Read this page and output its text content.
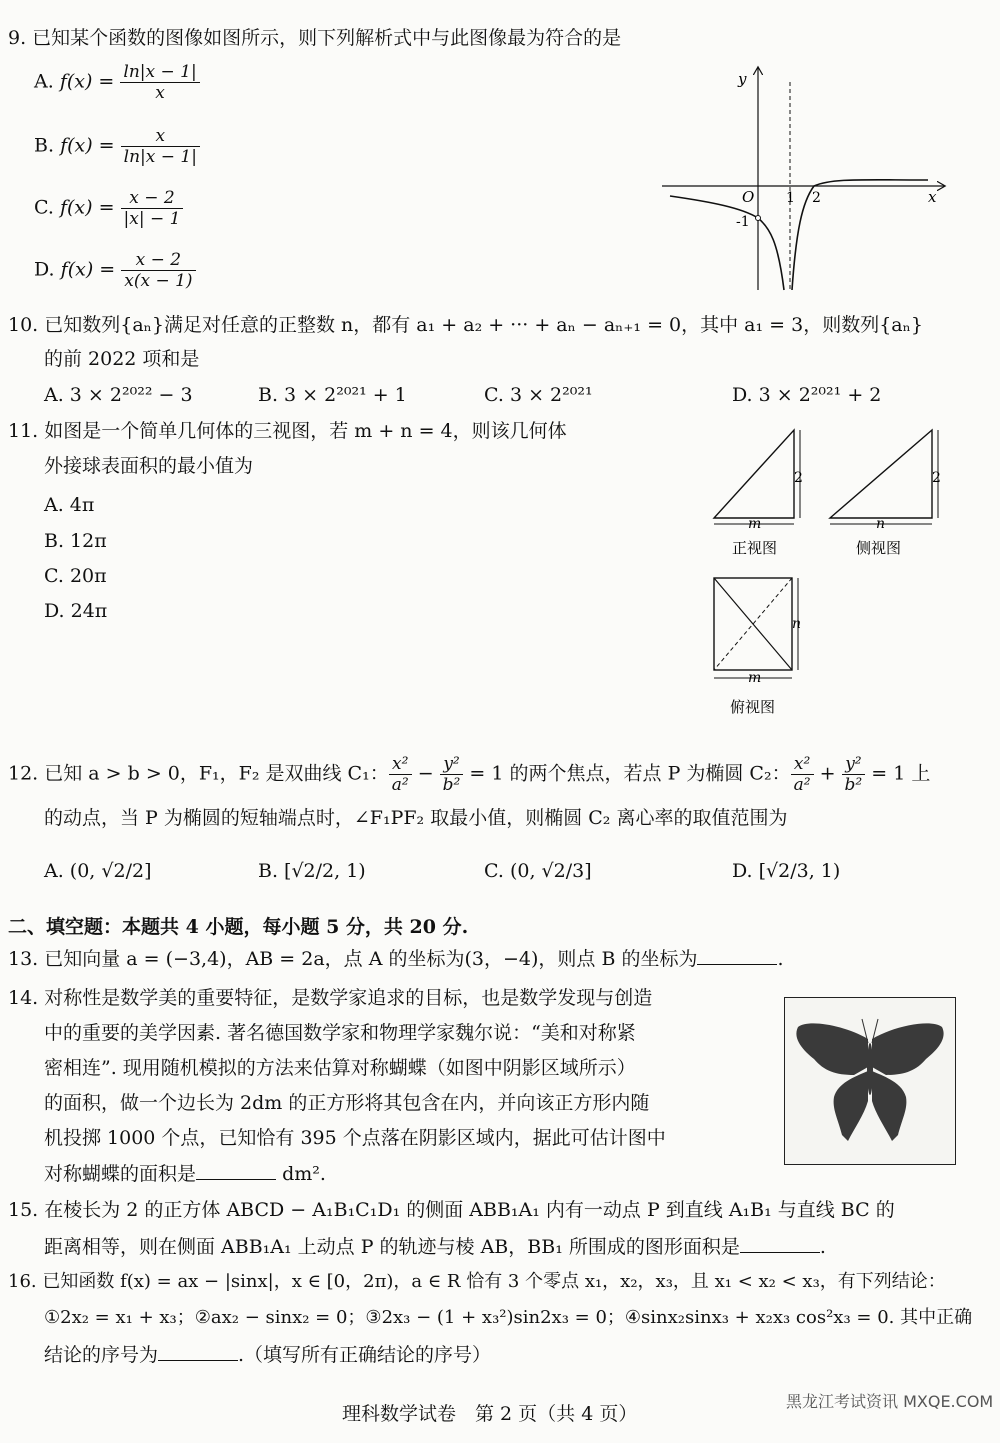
9. 已知某个函数的图像如图所示，则下列解析式中与此图像最为符合的是
A. $f(x) = \frac{\ln|x - 1|}{x}$
B. $f(x) = \frac{x}{\ln|x - 1|}$
C. $f(x) = \frac{x - 2}{|x| - 1}$
D. $f(x) = \frac{x - 2}{x(x - 1)}$
y
x
O 1 2
-1
10. 已知数列{aₙ}满足对任意的正整数 n，都有 a₁ + a₂ + ··· + aₙ − aₙ₊₁ = 0，其中 a₁ = 3，则数列{aₙ}
的前 2022 项和是
A. 3 × 2²⁰²² − 3	B. 3 × 2²⁰²¹ + 1	C. 3 × 2²⁰²¹	D. 3 × 2²⁰²¹ + 2
11. 如图是一个简单几何体的三视图，若 m + n = 4，则该几何体
外接球表面积的最小值为
A. 4π
B. 12π
C. 20π
D. 24π
2
m
正视图
2
n
侧视图
n
m
俯视图
12. 已知 a > b > 0，F₁，F₂ 是双曲线 C₁： $\frac{\text{x²}}{\text{a²}} - \frac{\text{y²}}{\text{b²}} = 1$ 的两个焦点，若点 P 为椭圆 C₂： $\frac{\text{x²}}{\text{a²}} + \frac{\text{y²}}{\text{b²}} = 1$ 上
的动点，当 P 为椭圆的短轴端点时，∠F₁PF₂ 取最小值，则椭圆 C₂ 离心率的取值范围为
A. (0, √2/2]	B. [√2/2, 1)	C. (0, √2/3]	D. [√2/3, 1)
二、填空题：本题共 4 小题，每小题 5 分，共 20 分.
13. 已知向量 a = (−3,4)，AB = 2a，点 A 的坐标为(3，−4)，则点 B 的坐标为	.
14. 对称性是数学美的重要特征，是数学家追求的目标，也是数学发现与创造
中的重要的美学因素. 著名德国数学家和物理学家魏尔说：“美和对称紧
密相连”. 现用随机模拟的方法来估算对称蝴蝶（如图中阴影区域所示）
的面积，做一个边长为 2dm 的正方形将其包含在内，并向该正方形内随
机投掷 1000 个点，已知恰有 395 个点落在阴影区域内，据此可估计图中
对称蝴蝶的面积是	dm².
15. 在棱长为 2 的正方体 ABCD − A₁B₁C₁D₁ 的侧面 ABB₁A₁ 内有一动点 P 到直线 A₁B₁ 与直线 BC 的
距离相等，则在侧面 ABB₁A₁ 上动点 P 的轨迹与棱 AB，BB₁ 所围成的图形面积是	.
16. 已知函数 f(x) = ax − |sinx|，x ∈ [0，2π)，a ∈ R 恰有 3 个零点 x₁，x₂，x₃，且 x₁ < x₂ < x₃，有下列结论：
①2x₂ = x₁ + x₃；②ax₂ − sinx₂ = 0；③2x₃ − (1 + x₃²)sin2x₃ = 0；④sinx₂sinx₃ + x₂x₃ cos²x₃ = 0. 其中正确
结论的序号为	.（填写所有正确结论的序号）
理科数学试卷　第 2 页（共 4 页）
黑龙江考试资讯 MXQE.COM
